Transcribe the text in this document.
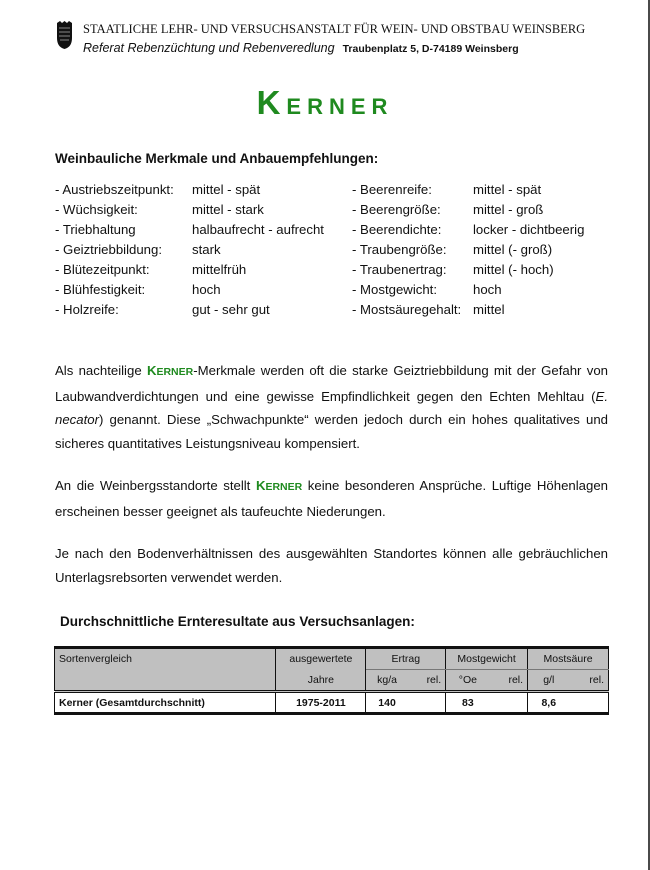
STAATLICHE LEHR- UND VERSUCHSANSTALT FÜR WEIN- UND OBSTBAU WEINSBERG
Referat Rebenzüchtung und Rebenveredlung Traubenplatz 5, D-74189 Weinsberg
KERNER
Weinbauliche Merkmale und Anbauempfehlungen:
- Austriebszeitpunkt:	mittel - spät
- Wüchsigkeit:	mittel - stark
- Triebhaltung	halbaufrecht - aufrecht
- Geiztriebbildung:	stark
- Blütezeitpunkt:	mittelfrüh
- Blühfestigkeit:	hoch
- Holzreife:	gut - sehr gut
- Beerenreife:	mittel - spät
- Beerengröße:	mittel - groß
- Beerendichte:	locker - dichtbeerig
- Traubengröße:	mittel (- groß)
- Traubenertrag:	mittel (- hoch)
- Mostgewicht:	hoch
- Mostsäuregehalt: mittel

Als nachteilige KERNER-Merkmale werden oft die starke Geiztriebbildung mit der Gefahr von Laubwandverdichtungen und eine gewisse Empfindlichkeit gegen den Echten Mehltau (E. necator) genannt. Diese „Schwachpunkte“ werden jedoch durch ein hohes qualitatives und sicheres quantitatives Leistungsniveau kompensiert.

An die Weinbergsstandorte stellt KERNER keine besonderen Ansprüche. Luftige Höhenlagen erscheinen besser geeignet als taufeuchte Niederungen.

Je nach den Bodenverhältnissen des ausgewählten Standortes können alle gebräuchlichen Unterlagsrebsorten verwendet werden.

Durchschnittliche Ernteresultate aus Versuchsanlagen:
Sortenvergleich	ausgewertete	Ertrag		Mostgewicht		Mostsäure	
	Jahre	kg/a	rel.	°Oe	rel.	g/l	rel.
Kerner (Gesamtdurchschnitt)	1975-2011	140		83		8,6	
